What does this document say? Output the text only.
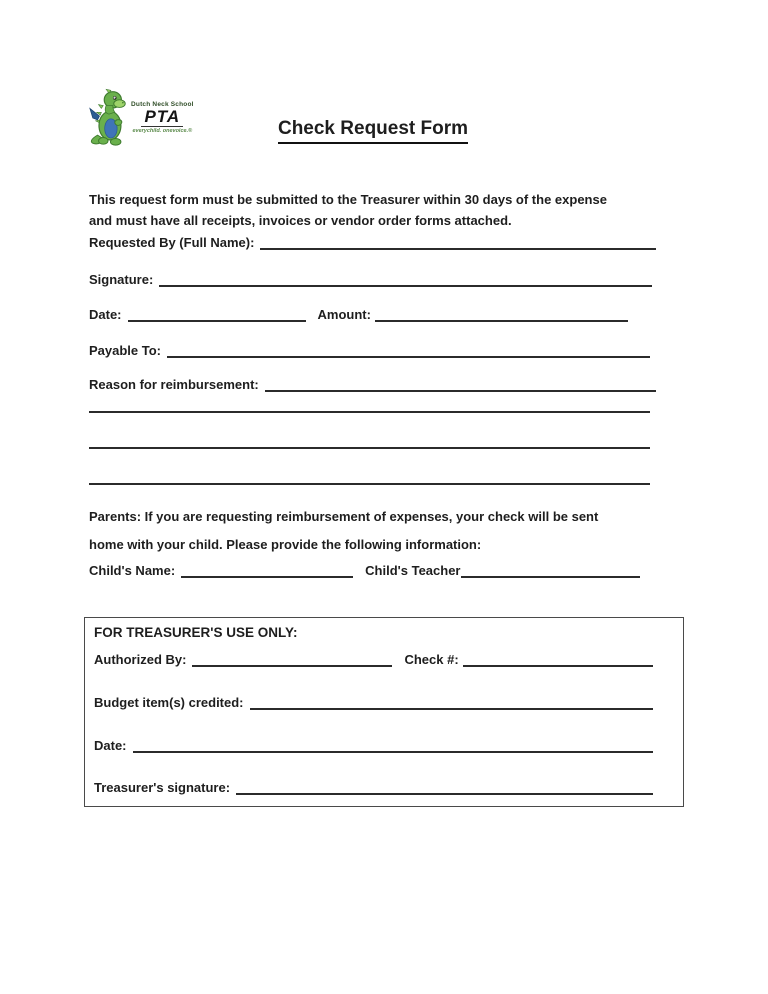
Dutch Neck School
PTA
everychild. onevoice.®	Check Request Form

This request form must be submitted to the Treasurer within 30 days of the expense
and must have all receipts, invoices or vendor order forms attached.

Requested By (Full Name):
Signature:
Date:	Amount:
Payable To:
Reason for reimbursement:

Parents: If you are requesting reimbursement of expenses, your check will be sent
home with your child. Please provide the following information:

Child's Name:	Child's Teacher
FOR TREASURER'S USE ONLY:
Authorized By:	Check #:
Budget item(s) credited:
Date:
Treasurer's signature:
